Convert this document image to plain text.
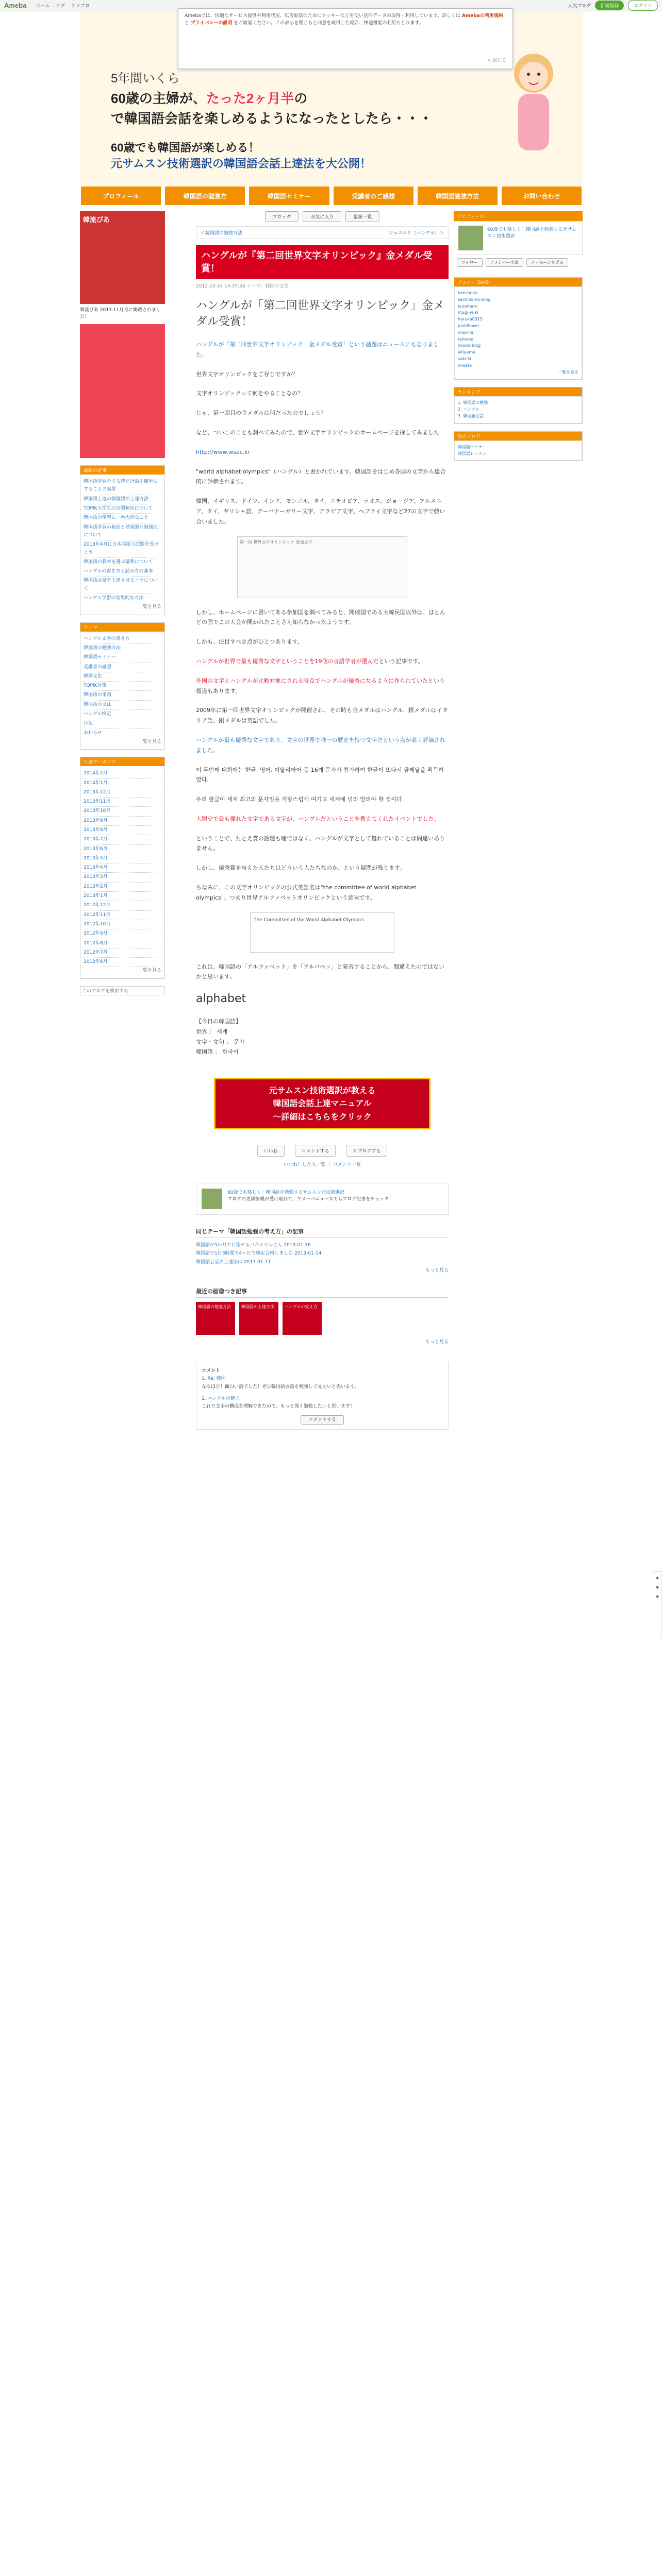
Ameba ホーム ピグ アメブロ	人気ブログ	新規登録	ログイン
Amebaでは、快適なサービス提供や利用状況、広告配信のためにクッキーなどを使い送信データの取得・利用しています。詳しくは Amebaの利用規約 と プライバシーの説明 をご確認ください。この表示を閉じると同意を取得した場合、快適機能の利用もとれます。
× 閉じる
5年間いくら
60歳の主婦が、たった2ヶ月半の
で韓国語会話を楽しめるようになったとしたら・・・
60歳でも韓国語が楽しめる！
元サムスン技術選訳の韓国語会話上達法を大公開！
プロフィール	韓国語の勉強方	韓国語セミナー	受講者のご感想	韓国語勉強方法	お問い合わせ
韓流ぴあ
韓流ぴあ 2013.11月号に掲載されました！
最新の記事
韓国語学習をする時だけ話を簡単にすることの効果
韓国語上達の韓国語の上達方法
TOPIK大学生の出題傾向について
韓国語の学習に一番大切なこと
韓国語学習の秘訣と効果的な勉強法について
2013年4月に日本語能力試験を受けよう
韓国語の教材を選ぶ基準について
ハングルの書き方と読み方の基本
韓国語会話を上達させるコツについて
ハングル学習の効果的な方法
一覧を見る
テーマ
ハングル文字の書き方
韓国語の勉強方法
韓国語セミナー
受講者の感想
韓国文化
TOPIK対策
韓国語の単語
韓国語の文法
ハングル検定
日記
お知らせ
一覧を見る
月別アーカイブ
2014年2月
2014年1月
2013年12月
2013年11月
2013年10月
2013年9月
2013年8月
2013年7月
2013年6月
2013年5月
2013年4月
2013年3月
2013年2月
2013年1月
2012年12月
2012年11月
2012年10月
2012年9月
2012年8月
2012年7月
2012年6月
一覧を見る
このブログを検索する
ブロッグ	お気に入り	最新一覧
＜韓国語の勉強方法	ジュコムリ（ハングル）＞
ハングルが『第二回世界文字オリンピック』金メダル受賞！
2012-10-14 14:37:56 テーマ：韓国の文化

ハングルが「第二回世界文字オリンピック」金メダル受賞！

ハングルが「第二回世界文字オリンピック」金メダル受賞！という話題はニュースにもなりました。

世界文字オリンピックをご存じですか？

文字オリンピックって何をやることなの？

じゃ、第一回目の金メダルは何だったのでしょう？

など、ついこのことも調べてみたので、世界文字オリンピックのホームページを探してみました

http://www.wsoc.kr

"world alphabet olympics"（ハングル）と書かれています。韓国語をはじめ各国の文字から総合的に評価されます。

韓国、イギリス、ドイツ、インド、モンゴル、タイ、エチオピア、ラオス、ジョージア、アルメニア、タイ、ギリシャ語、デーバナーガリー文字、アラビア文字、ヘブライ文字など27の文字で競い合いました。

第一回 世界文字オリンピック 参加文字

しかし、ホームページに書いてある参加国を調べてみると、開催国である大韓民国以外は、ほとんどの国でこの大会が開かれたことさえ知らなかったようです。

しかも、注目すべき点がひとつあります。

ハングルが世界で最も優秀な文字ということを19個の言語学者が選んだという記事です。

外国の文字とハングルが比較対象にされる時点でハングルが優秀になるように作られていたという報道もあります。

2009年に第一回世界文字オリンピックが開催され、その時も金メダルはハングル、銀メダルはイタリア語、銅メダルは英語でした。

ハングルが最も優秀な文字であり、文字の世界で唯一の歴史を持つ文字だという点が高く評価されました。

이 두번째 대회에는 한글, 영어, 이탈리아어 등 16개 문자가 참가하여 한글이 또다시 금메달을 획득하였다.

우리 한글이 세계 최고의 문자임을 자랑스럽게 여기고 세계에 널리 알려야 할 것이다.

人類史で最も優れた文字である文字が、ハングルだということを教えてくれたイベントでした。

ということで、たとえ賞の話題も嘘ではなく、ハングルが文字として優れていることは間違いありません。

しかし、優秀賞を与えた人たちはどういう人たちなのか、という疑問が残ります。

ちなみに、この文字オリンピックの公式英語名は"the committee of world alphabet olympics"。つまり世界アルファベットオリンピックという意味です。

The Committee of the World Alphabet Olympics

これは、韓国語の「アルファベット」を「アルパベッ」と発音することから、間違えたのではないかと思います。

alphabet

【今日の韓国語】
世界 ： 세계
文字・文句 ： 문자
韓国語 ： 한국어

元サムスン技術選訳が教える
韓国語会話上達マニュアル
～詳細はこちらをクリック
いいね	コメントする	リブログする
いいね！した人一覧 ｜ コメント一覧
60歳でも楽しく！韓国語を勉強するサムスン元技術選訳
ブログの更新情報が受け取れて、アメーバニュースでもブログ記事をチェック！
同じテーマ「韓国語勉強の考え方」の記事
韓国語が5か月で目指せるバネイヤルさん 2013-01-16
韓国語で1日3時間で4ヶ月で検定合格しました 2013-01-14
韓国語会話の上達法は 2013-01-11
もっと見る
最近の画像つき記事
韓国語の勉強方法	韓国語の上達方法	ハングルの覚え方
もっと見る
コメント
1. Re: 韓国
なるほど！面白い話でした！ぜひ韓国語会話を勉強して見たいと思います。
2. ハングルの魅力
これで文字の構成を理解できたので、もっと深く勉強したいと思います！
コメントする
プロフィール
60歳でも楽しく！韓国語を勉強する元サムスン技術選訳
フォロー	アメンバー申請	メッセージを送る
フォロー 3045
kanshoku
sachiko-no-blog
kuromaru
mugi-yuki
haruka0315
pinkflower
miso-ra
tomoko
youko-blog
akiyama
saki-ki
misato
一覧を見る
ランキング
1. 韓国語の勉強
2. ハングル
3. 韓国語会話
他のブログ
韓国語セミナー
韓国語レッスン
▲
◆
▼
